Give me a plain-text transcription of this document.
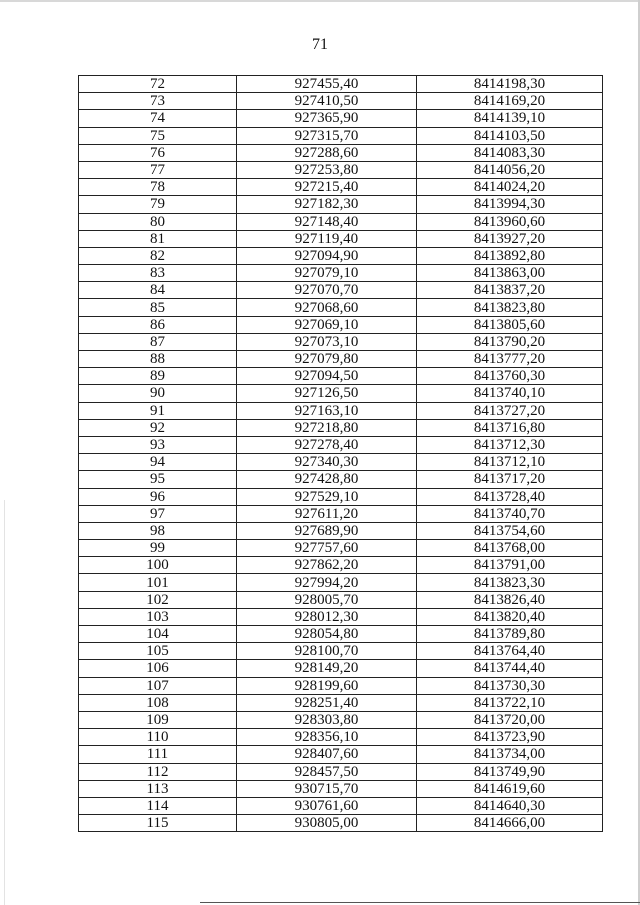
71
72	927455,40	8414198,30
73	927410,50	8414169,20
74	927365,90	8414139,10
75	927315,70	8414103,50
76	927288,60	8414083,30
77	927253,80	8414056,20
78	927215,40	8414024,20
79	927182,30	8413994,30
80	927148,40	8413960,60
81	927119,40	8413927,20
82	927094,90	8413892,80
83	927079,10	8413863,00
84	927070,70	8413837,20
85	927068,60	8413823,80
86	927069,10	8413805,60
87	927073,10	8413790,20
88	927079,80	8413777,20
89	927094,50	8413760,30
90	927126,50	8413740,10
91	927163,10	8413727,20
92	927218,80	8413716,80
93	927278,40	8413712,30
94	927340,30	8413712,10
95	927428,80	8413717,20
96	927529,10	8413728,40
97	927611,20	8413740,70
98	927689,90	8413754,60
99	927757,60	8413768,00
100	927862,20	8413791,00
101	927994,20	8413823,30
102	928005,70	8413826,40
103	928012,30	8413820,40
104	928054,80	8413789,80
105	928100,70	8413764,40
106	928149,20	8413744,40
107	928199,60	8413730,30
108	928251,40	8413722,10
109	928303,80	8413720,00
110	928356,10	8413723,90
111	928407,60	8413734,00
112	928457,50	8413749,90
113	930715,70	8414619,60
114	930761,60	8414640,30
115	930805,00	8414666,00
